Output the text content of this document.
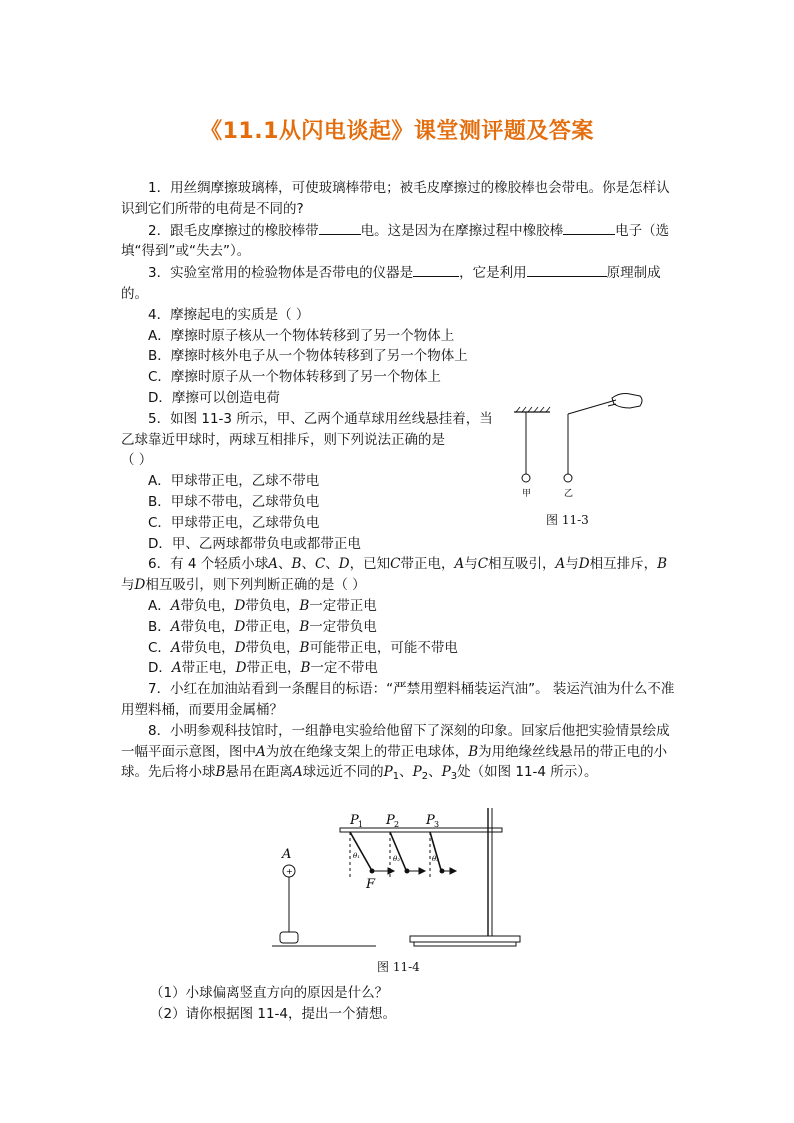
《11.1从闪电谈起》课堂测评题及答案

1．用丝绸摩擦玻璃棒，可使玻璃棒带电；被毛皮摩擦过的橡胶棒也会带电。你是怎样认识到它们所带的电荷是不同的?

2．跟毛皮摩擦过的橡胶棒带	电。这是因为在摩擦过程中橡胶棒	电子（选填“得到”或“失去”）。

3．实验室常用的检验物体是否带电的仪器是	，它是利用	原理制成的。

4．摩擦起电的实质是（ ）

A．摩擦时原子核从一个物体转移到了另一个物体上

B．摩擦时核外电子从一个物体转移到了另一个物体上

C．摩擦时原子从一个物体转移到了另一个物体上

D．摩擦可以创造电荷

5．如图 11-3 所示，甲、乙两个通草球用丝线悬挂着，当

乙球靠近甲球时，两球互相排斥，则下列说法正确的是

（ ）

A．甲球带正电，乙球不带电

B．甲球不带电，乙球带负电

C．甲球带正电，乙球带负电

D．甲、乙两球都带负电或都带正电

6．有 4 个轻质小球A、B、C、D，已知C带正电，A与C相互吸引，A与D相互排斥，B与D相互吸引，则下列判断正确的是（ ）

A．A带负电，D带负电，B一定带正电

B．A带负电，D带正电，B一定带负电

C．A带负电，D带负电，B可能带正电，可能不带电

D．A带正电，D带正电，B一定不带电

7．小红在加油站看到一条醒目的标语：“严禁用塑料桶装运汽油”。 装运汽油为什么不准用塑料桶，而要用金属桶？

8．小明参观科技馆时，一组静电实验给他留下了深刻的印象。回家后他把实验情景绘成一幅平面示意图，图中A为放在绝缘支架上的带正电球体，B为用绝缘丝线悬吊的带正电的小球。先后将小球B悬吊在距离A球远近不同的$P_1$、$P_2$、$P_3$处（如图 11-4 所示）。

甲	乙
图 11-3
A
+
P 1 P 2 P 3
θ₁	θ₂	θ₃
F
图 11-4

（1）小球偏离竖直方向的原因是什么？

（2）请你根据图 11-4，提出一个猜想。
